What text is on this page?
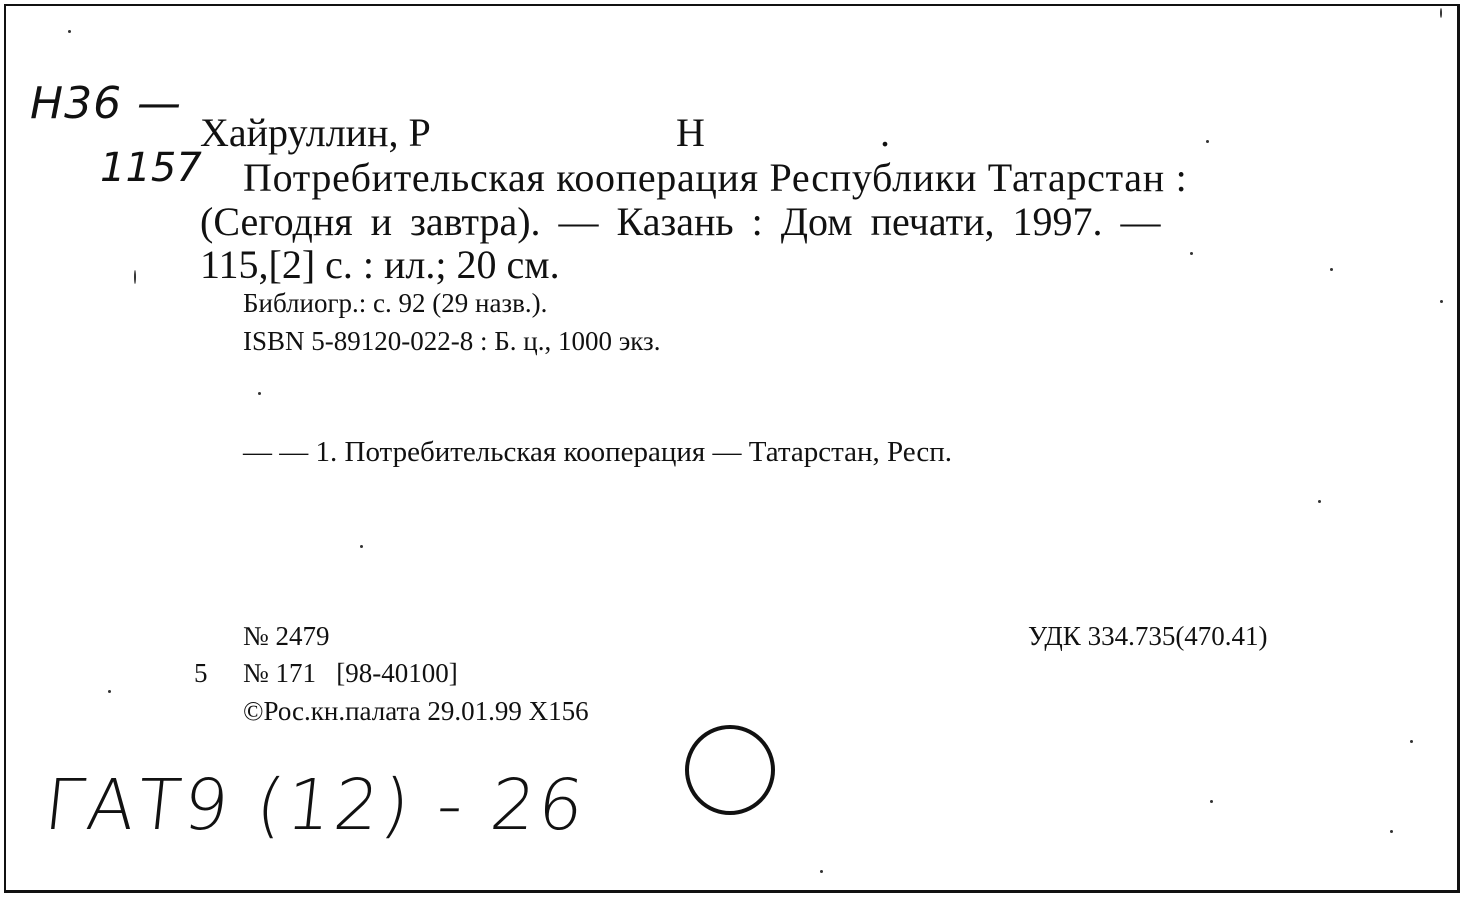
Н36 —
1157
Хайруллин, Р	Н	.
Потребительская кооперация Республики Татарстан :
(Сегодня и завтра). — Казань : Дом печати, 1997. —
115,[2] с. : ил.; 20 см.
Библиогр.: с. 92 (29 назв.).
ISBN 5-89120-022-8 : Б. ц., 1000 экз.
— — 1. Потребительская кооперация — Татарстан, Респ.
№ 2479
5 № 171   [98-40100]
©Рос.кн.палата 29.01.99 Х156
УДК 334.735(470.41)
ГАТ9 (12) - 26
